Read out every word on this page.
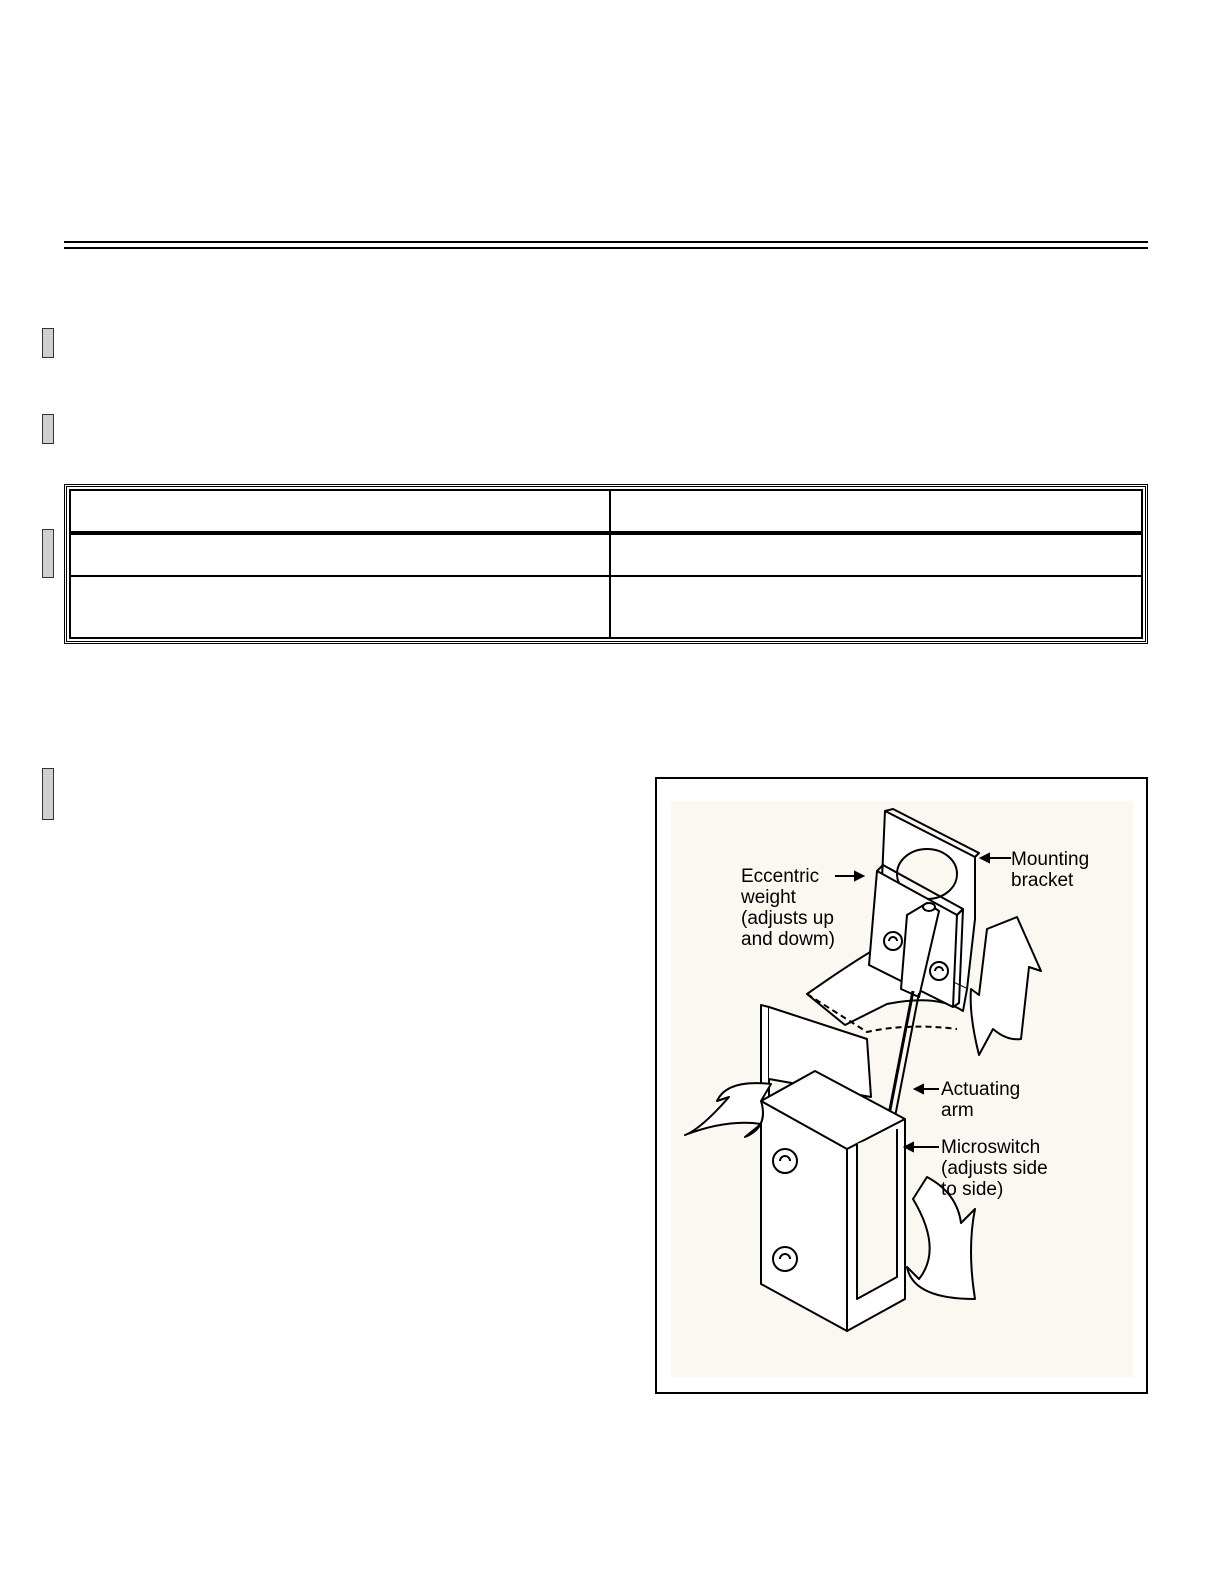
Eccentric
weight
(adjusts up
and dowm)
Mounting
bracket
Actuating
arm
Microswitch
(adjusts side
to side)
